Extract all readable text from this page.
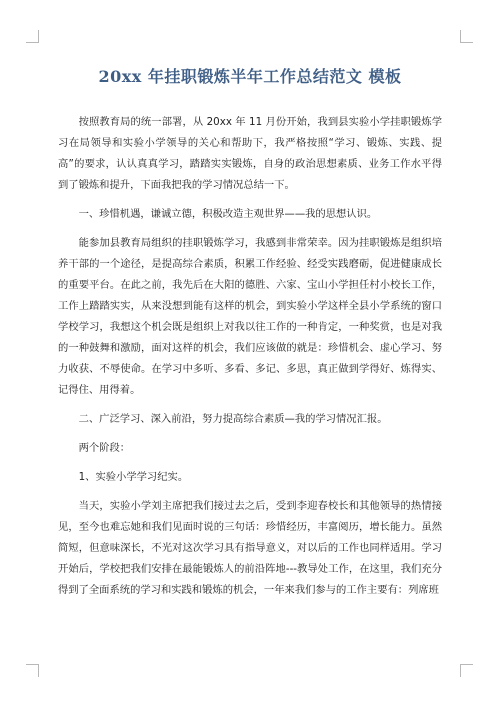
20xx 年挂职锻炼半年工作总结范文 模板

按照教育局的统一部署，从 20xx 年 11 月份开始，我到县实验小学挂职锻炼学习在局领导和实验小学领导的关心和帮助下，我严格按照“学习、锻炼、实践、提高”的要求，认认真真学习，踏踏实实锻炼，自身的政治思想素质、业务工作水平得到了锻炼和提升，下面我把我的学习情况总结一下。

一、珍惜机遇，谦诚立德，积极改造主观世界——我的思想认识。

能参加县教育局组织的挂职锻炼学习，我感到非常荣幸。因为挂职锻炼是组织培养干部的一个途径，是提高综合素质，积累工作经验、经受实践磨砺，促进健康成长的重要平台。在此之前，我先后在大阳的德胜、六家、宝山小学担任村小校长工作，工作上踏踏实实，从来没想到能有这样的机会，到实验小学这样全县小学系统的窗口学校学习，我想这个机会既是组织上对我以往工作的一种肯定，一种奖赏，也是对我的一种鼓舞和激励，面对这样的机会，我们应该做的就是：珍惜机会、虚心学习、努力收获、不辱使命。在学习中多听、多看、多记、多思，真正做到学得好、炼得实、记得住、用得着。

二、广泛学习、深入前沿，努力提高综合素质—我的学习情况汇报。

两个阶段：

1、实验小学学习纪实。

当天，实验小学刘主席把我们接过去之后，受到李迎春校长和其他领导的热情接见，至今也难忘她和我们见面时说的三句话：珍惜经历，丰富阅历，增长能力。虽然简短，但意味深长，不光对这次学习具有指导意义，对以后的工作也同样适用。学习开始后，学校把我们安排在最能锻炼人的前沿阵地---教导处工作，在这里，我们充分得到了全面系统的学习和实践和锻炼的机会，一年来我们参与的工作主要有：列席班
